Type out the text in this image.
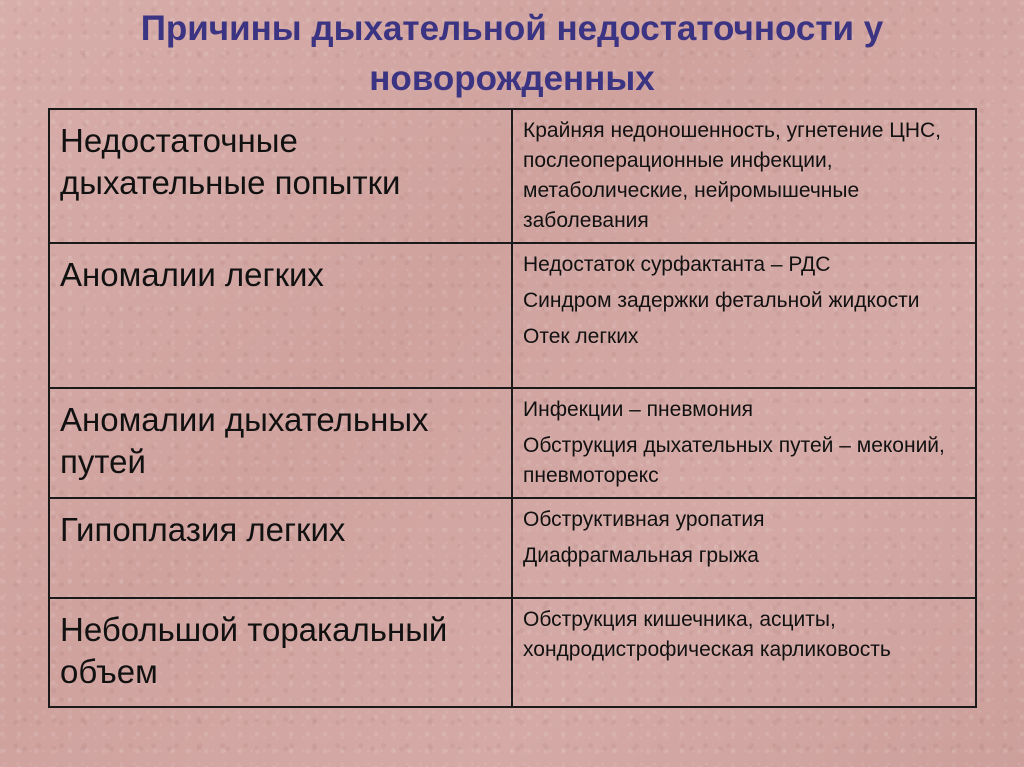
Причины дыхательной недостаточности у новорожденных
Недостаточные дыхательные попытки	Крайняя недоношенность, угнетение ЦНС, послеоперационные инфекции, метаболические, нейромышечные заболевания

Аномалии легких	Недостаток сурфактанта – РДС
Синдром задержки фетальной жидкости
Отек легких

Аномалии дыхательных путей	Инфекции – пневмония
Обструкция дыхательных путей – меконий, пневмоторекс

Гипоплазия легких	Обструктивная уропатия
Диафрагмальная грыжа

Небольшой торакальный объем	Обструкция кишечника, асциты, хондродистрофическая карликовость
